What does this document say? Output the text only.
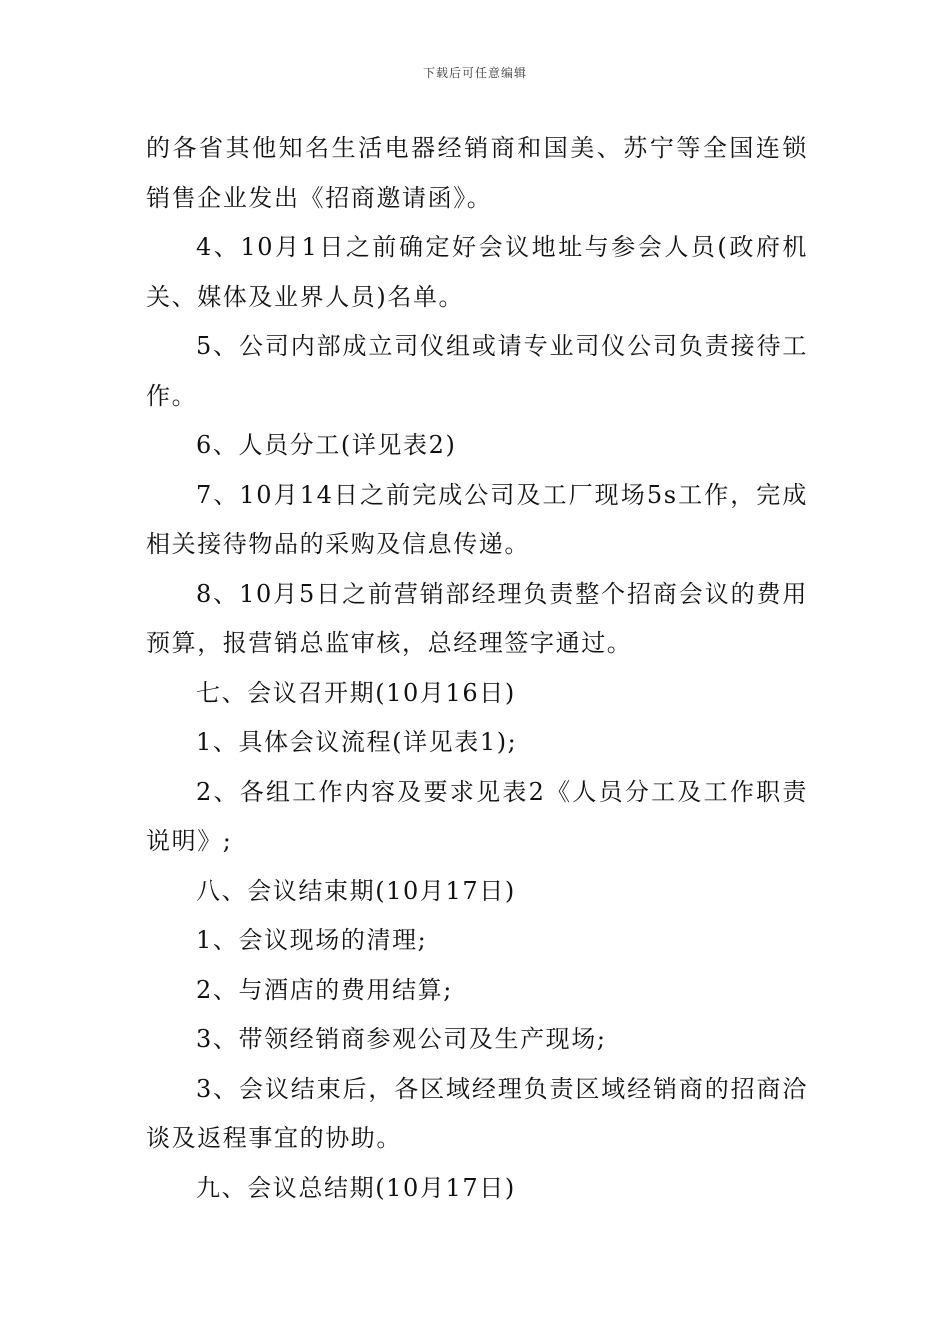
下载后可任意编辑

的各省其他知名生活电器经销商和国美、苏宁等全国连锁销售企业发出《招商邀请函》。

4、10月1日之前确定好会议地址与参会人员(政府机关、媒体及业界人员)名单。

5、公司内部成立司仪组或请专业司仪公司负责接待工作。

6、人员分工(详见表2)

7、10月14日之前完成公司及工厂现场5s工作，完成相关接待物品的采购及信息传递。

8、10月5日之前营销部经理负责整个招商会议的费用预算，报营销总监审核，总经理签字通过。

七、会议召开期(10月16日)

1、具体会议流程(详见表1);

2、各组工作内容及要求见表2《人员分工及工作职责说明》;

八、会议结束期(10月17日)

1、会议现场的清理;

2、与酒店的费用结算;

3、带领经销商参观公司及生产现场;

3、会议结束后，各区域经理负责区域经销商的招商洽谈及返程事宜的协助。

九、会议总结期(10月17日)
